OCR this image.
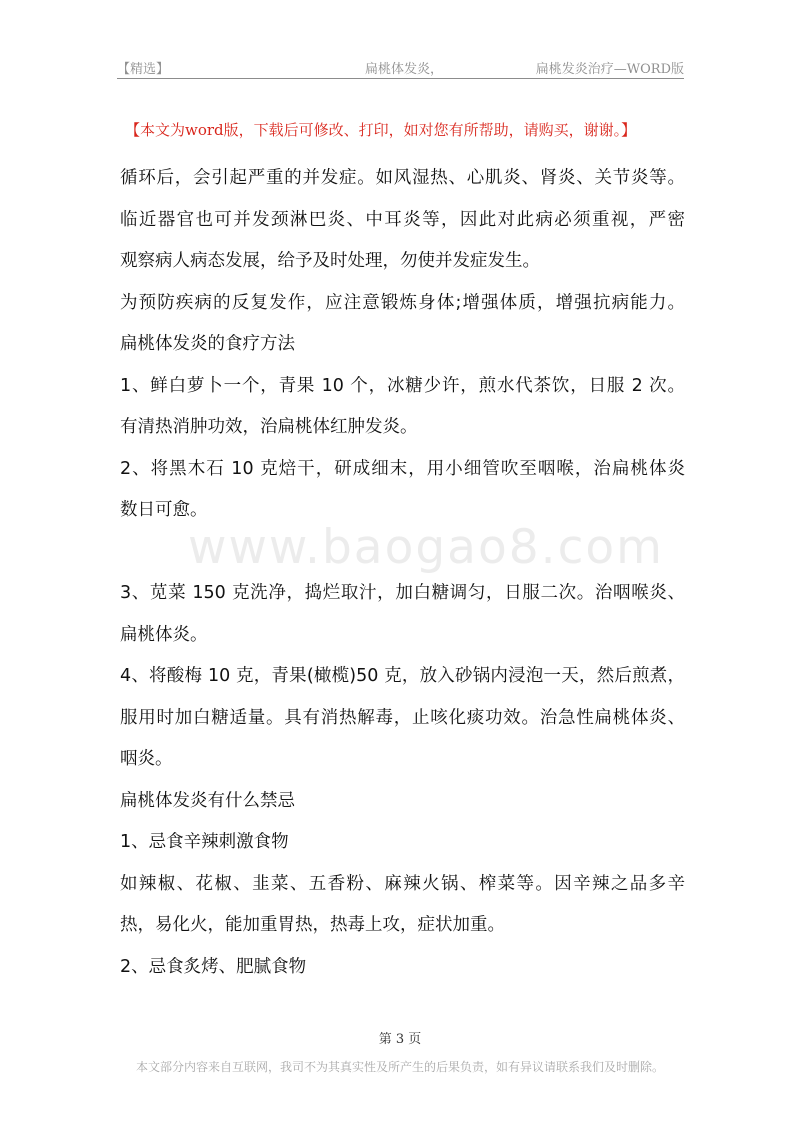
【精选】	扁桃体发炎，	扁桃发炎治疗—WORD版
【本文为word版，下载后可修改、打印，如对您有所帮助，请购买，谢谢。】
www.baogao8.com
循环后，会引起严重的并发症。如风湿热、心肌炎、肾炎、关节炎等。
临近器官也可并发颈淋巴炎、中耳炎等，因此对此病必须重视，严密
观察病人病态发展，给予及时处理，勿使并发症发生。
为预防疾病的反复发作，应注意锻炼身体;增强体质，增强抗病能力。
扁桃体发炎的食疗方法
1、鲜白萝卜一个，青果 10 个，冰糖少许，煎水代茶饮，日服 2 次。
有清热消肿功效，治扁桃体红肿发炎。
2、将黑木石 10 克焙干，研成细末，用小细管吹至咽喉，治扁桃体炎
数日可愈。
3、苋菜 150 克洗净，捣烂取汁，加白糖调匀，日服二次。治咽喉炎、
扁桃体炎。
4、将酸梅 10 克，青果(橄榄)50 克，放入砂锅内浸泡一天，然后煎煮，
服用时加白糖适量。具有消热解毒，止咳化痰功效。治急性扁桃体炎、
咽炎。
扁桃体发炎有什么禁忌
1、忌食辛辣刺激食物
如辣椒、花椒、韭菜、五香粉、麻辣火锅、榨菜等。因辛辣之品多辛
热，易化火，能加重胃热，热毒上攻，症状加重。
2、忌食炙烤、肥腻食物
第 3 页
本文部分内容来自互联网，我司不为其真实性及所产生的后果负责，如有异议请联系我们及时删除。
